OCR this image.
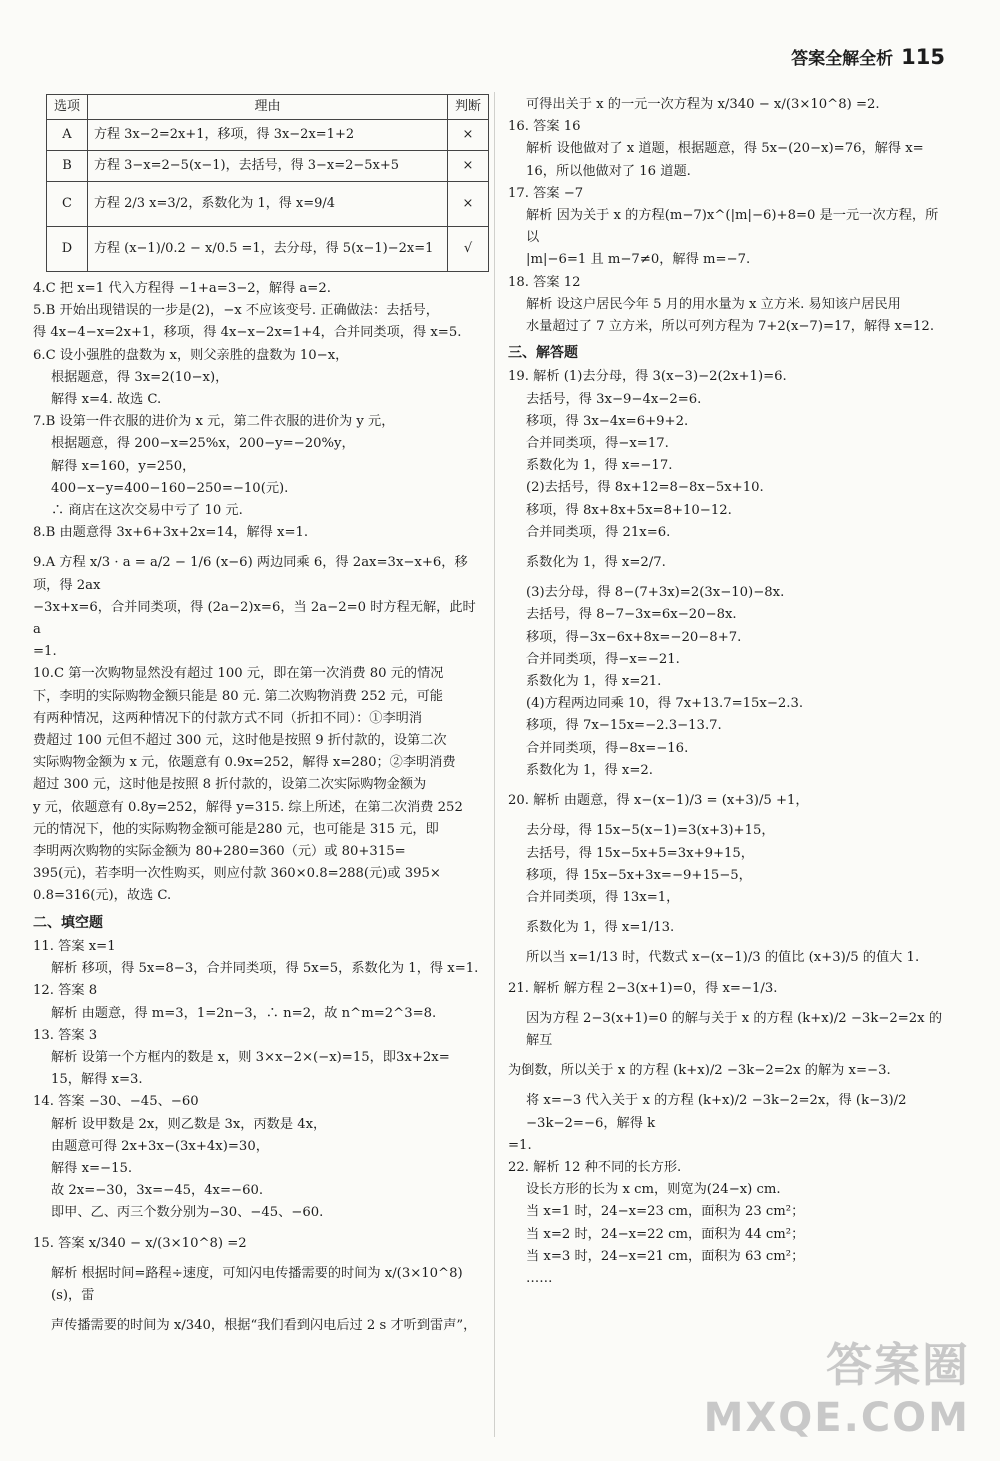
答案全解全析 115
选项	理由	判断
A	方程 3x−2=2x+1，移项，得 3x−2x=1+2	×
B	方程 3−x=2−5(x−1)，去括号，得 3−x=2−5x+5	×
C	方程 2/3 x=3/2，系数化为 1，得 x=9/4	×
D	方程 (x−1)/0.2 − x/0.5 =1，去分母，得 5(x−1)−2x=1	√

4.C 把 x=1 代入方程得 −1+a=3−2，解得 a=2.

5.B 开始出现错误的一步是(2)，−x 不应该变号. 正确做法：去括号，

得 4x−4−x=2x+1，移项，得 4x−x−2x=1+4，合并同类项，得 x=5.

6.C 设小强胜的盘数为 x，则父亲胜的盘数为 10−x，

根据题意，得 3x=2(10−x)，

解得 x=4. 故选 C.

7.B 设第一件衣服的进价为 x 元，第二件衣服的进价为 y 元，

根据题意，得 200−x=25%x，200−y=−20%y，

解得 x=160，y=250，

400−x−y=400−160−250=−10(元).

∴ 商店在这次交易中亏了 10 元.

8.B 由题意得 3x+6+3x+2x=14，解得 x=1.

9.A 方程 x/3 · a = a/2 − 1/6 (x−6) 两边同乘 6，得 2ax=3x−x+6，移项，得 2ax

−3x+x=6，合并同类项，得 (2a−2)x=6，当 2a−2=0 时方程无解，此时 a

=1.

10.C 第一次购物显然没有超过 100 元，即在第一次消费 80 元的情况

下，李明的实际购物金额只能是 80 元. 第二次购物消费 252 元，可能

有两种情况，这两种情况下的付款方式不同（折扣不同）：①李明消

费超过 100 元但不超过 300 元，这时他是按照 9 折付款的，设第二次

实际购物金额为 x 元，依题意有 0.9x=252，解得 x=280；②李明消费

超过 300 元，这时他是按照 8 折付款的，设第二次实际购物金额为

y 元，依题意有 0.8y=252，解得 y=315. 综上所述，在第二次消费 252

元的情况下，他的实际购物金额可能是280 元，也可能是 315 元，即

李明两次购物的实际金额为 80+280=360（元）或 80+315=

395(元)，若李明一次性购买，则应付款 360×0.8=288(元)或 395×

0.8=316(元)，故选 C.

二、填空题

11. 答案 x=1

解析 移项，得 5x=8−3，合并同类项，得 5x=5，系数化为 1，得 x=1.

12. 答案 8

解析 由题意，得 m=3，1=2n−3，∴ n=2，故 n^m=2^3=8.

13. 答案 3

解析 设第一个方框内的数是 x，则 3×x−2×(−x)=15，即3x+2x=

15，解得 x=3.

14. 答案 −30、−45、−60

解析 设甲数是 2x，则乙数是 3x，丙数是 4x，

由题意可得 2x+3x−(3x+4x)=30，

解得 x=−15.

故 2x=−30，3x=−45，4x=−60.

即甲、乙、丙三个数分别为−30、−45、−60.

15. 答案 x/340 − x/(3×10^8) =2

解析 根据时间=路程÷速度，可知闪电传播需要的时间为 x/(3×10^8)(s)，雷

声传播需要的时间为 x/340，根据“我们看到闪电后过 2 s 才听到雷声”，

可得出关于 x 的一元一次方程为 x/340 − x/(3×10^8) =2.

16. 答案 16

解析 设他做对了 x 道题，根据题意，得 5x−(20−x)=76，解得 x=

16，所以他做对了 16 道题.

17. 答案 −7

解析 因为关于 x 的方程(m−7)x^(|m|−6)+8=0 是一元一次方程，所以

|m|−6=1 且 m−7≠0，解得 m=−7.

18. 答案 12

解析 设这户居民今年 5 月的用水量为 x 立方米. 易知该户居民用

水量超过了 7 立方米，所以可列方程为 7+2(x−7)=17，解得 x=12.

三、解答题

19. 解析 (1)去分母，得 3(x−3)−2(2x+1)=6.

去括号，得 3x−9−4x−2=6.

移项，得 3x−4x=6+9+2.

合并同类项，得−x=17.

系数化为 1，得 x=−17.

(2)去括号，得 8x+12=8−8x−5x+10.

移项，得 8x+8x+5x=8+10−12.

合并同类项，得 21x=6.

系数化为 1，得 x=2/7.

(3)去分母，得 8−(7+3x)=2(3x−10)−8x.

去括号，得 8−7−3x=6x−20−8x.

移项，得−3x−6x+8x=−20−8+7.

合并同类项，得−x=−21.

系数化为 1，得 x=21.

(4)方程两边同乘 10，得 7x+13.7=15x−2.3.

移项，得 7x−15x=−2.3−13.7.

合并同类项，得−8x=−16.

系数化为 1，得 x=2.

20. 解析 由题意，得 x−(x−1)/3 = (x+3)/5 +1，

去分母，得 15x−5(x−1)=3(x+3)+15，

去括号，得 15x−5x+5=3x+9+15，

移项，得 15x−5x+3x=−9+15−5，

合并同类项，得 13x=1，

系数化为 1，得 x=1/13.

所以当 x=1/13 时，代数式 x−(x−1)/3 的值比 (x+3)/5 的值大 1.

21. 解析 解方程 2−3(x+1)=0，得 x=−1/3.

因为方程 2−3(x+1)=0 的解与关于 x 的方程 (k+x)/2 −3k−2=2x 的解互

为倒数，所以关于 x 的方程 (k+x)/2 −3k−2=2x 的解为 x=−3.

将 x=−3 代入关于 x 的方程 (k+x)/2 −3k−2=2x，得 (k−3)/2 −3k−2=−6，解得 k

=1.

22. 解析 12 种不同的长方形.

设长方形的长为 x cm，则宽为(24−x) cm.

当 x=1 时，24−x=23 cm，面积为 23 cm²；

当 x=2 时，24−x=22 cm，面积为 44 cm²；

当 x=3 时，24−x=21 cm，面积为 63 cm²；

……

答案圈
MXQE.COM
